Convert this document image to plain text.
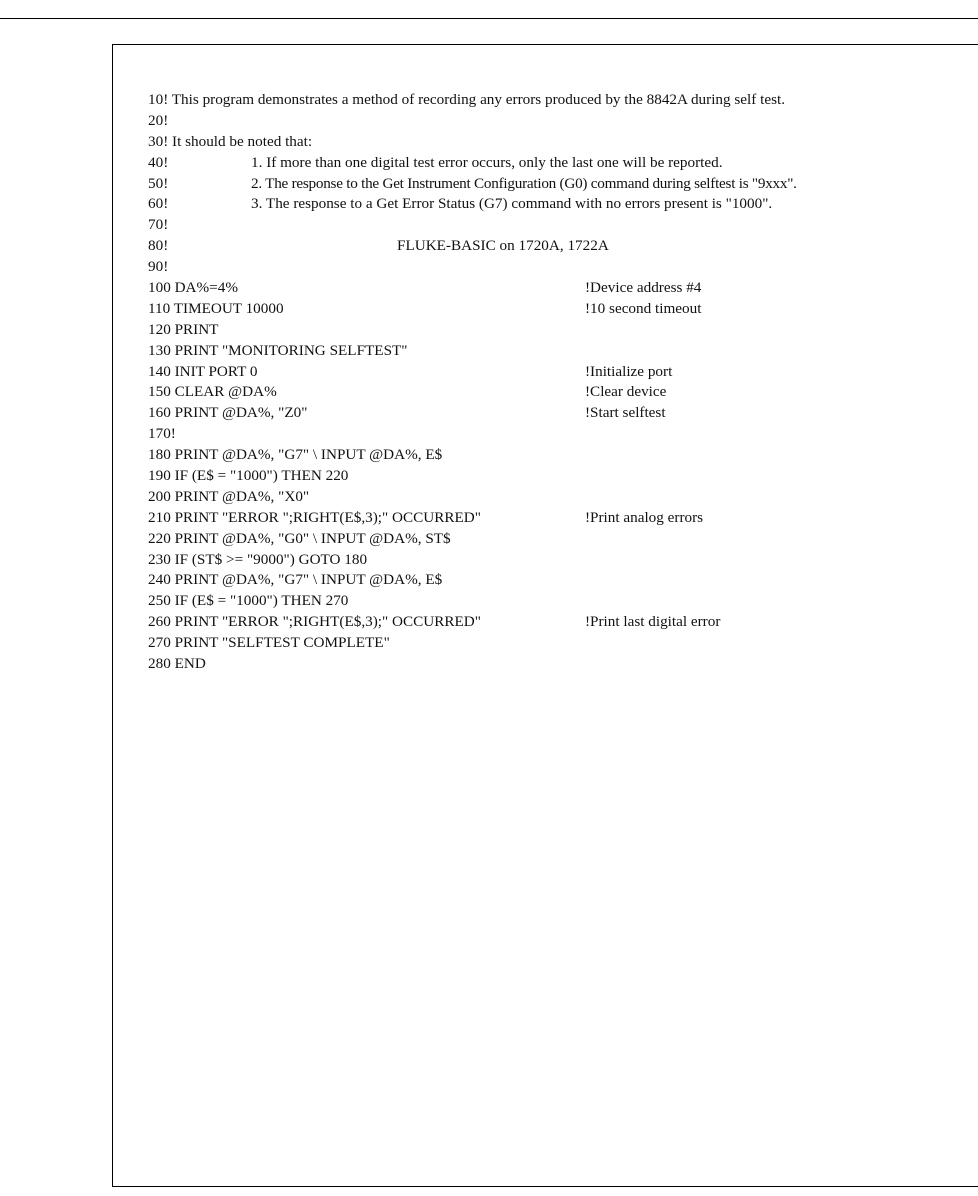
10! This program demonstrates a method of recording any errors produced by the 8842A during self test.
20!
30! It should be noted that:
40!	1. If more than one digital test error occurs, only the last one will be reported.
50!	2. The response to the Get Instrument Configuration (G0) command during selftest is "9xxx".
60!	3. The response to a Get Error Status (G7) command with no errors present is "1000".
70!
80!	FLUKE-BASIC on 1720A, 1722A
90!
100 DA%=4%	!Device address #4
110 TIMEOUT 10000	!10 second timeout
120 PRINT
130 PRINT "MONITORING SELFTEST"
140 INIT PORT 0	!Initialize port
150 CLEAR @DA%	!Clear device
160 PRINT @DA%, "Z0"	!Start selftest
170!
180 PRINT @DA%, "G7" \ INPUT @DA%, E$
190 IF (E$ = "1000") THEN 220
200 PRINT @DA%, "X0"
210 PRINT "ERROR ";RIGHT(E$,3);" OCCURRED"	!Print analog errors
220 PRINT @DA%, "G0" \ INPUT @DA%, ST$
230 IF (ST$ >= "9000") GOTO 180
240 PRINT @DA%, "G7" \ INPUT @DA%, E$
250 IF (E$ = "1000") THEN 270
260 PRINT "ERROR ";RIGHT(E$,3);" OCCURRED"	!Print last digital error
270 PRINT "SELFTEST COMPLETE"
280 END
